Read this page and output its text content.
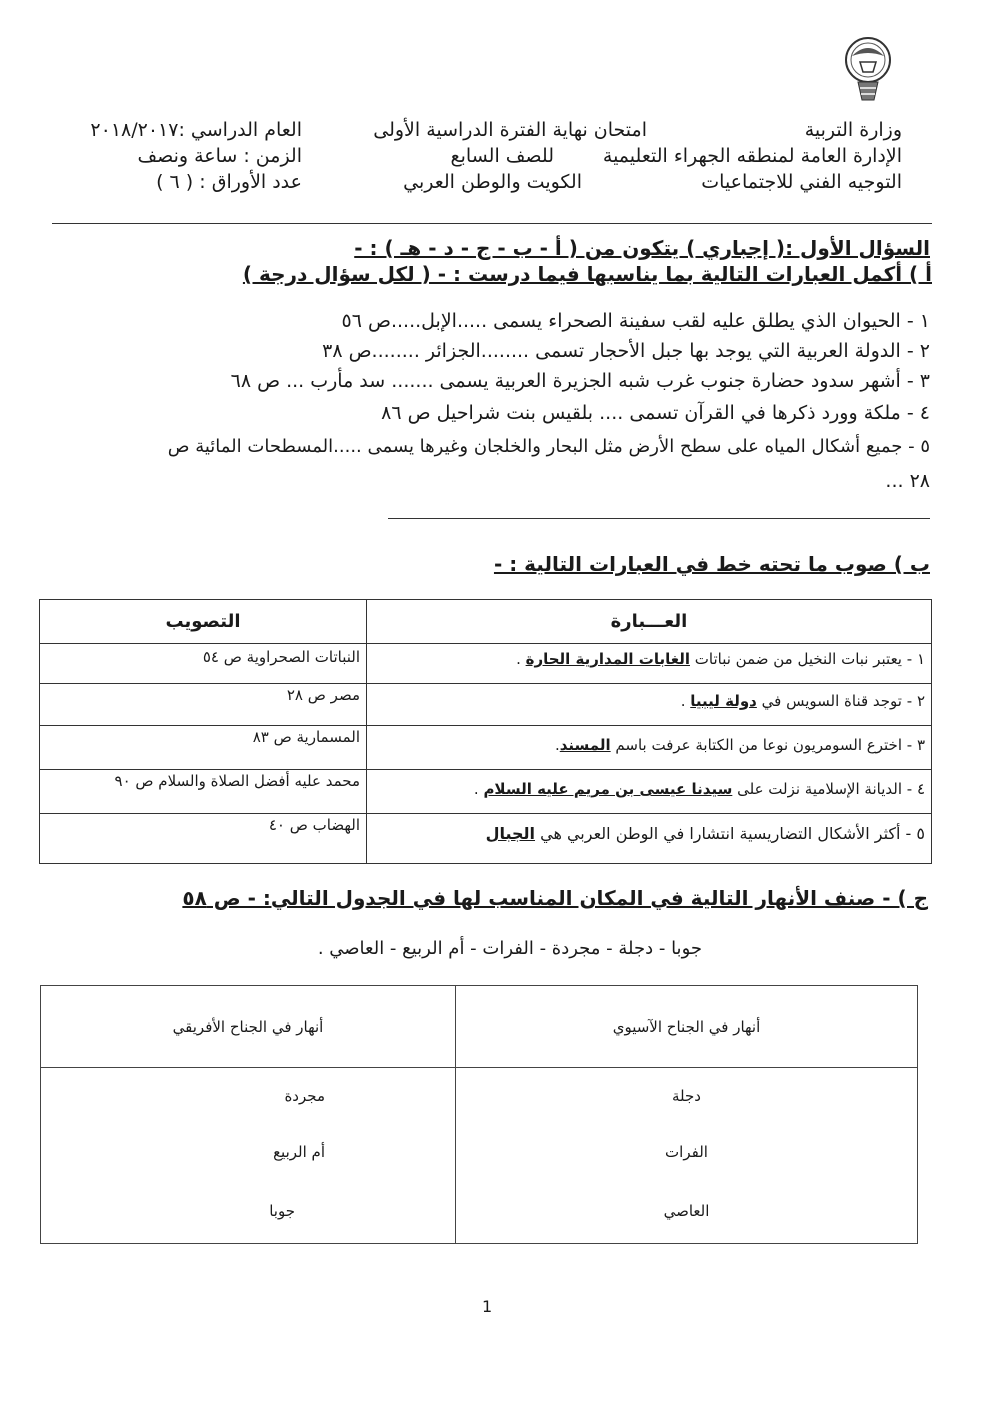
وزارة التربية
الإدارة العامة لمنطقه الجهراء التعليمية
التوجيه الفني للاجتماعيات
امتحان نهاية الفترة الدراسية الأولى
للصف السابع
الكويت والوطن العربي
العام الدراسي :٢٠١٨/٢٠١٧
الزمن : ساعة ونصف
عدد الأوراق : ( ٦ )
السؤال الأول :( إجباري ) يتكون من ( أ - ب - ج - د - هـ ) : -
أ ) أكمل العبارات التالية بما يناسبها فيما درست : - ( لكل سؤال درجة )
١ - الحيوان الذي يطلق عليه لقب سفينة الصحراء يسمى .....الإبل.....ص ٥٦
٢ - الدولة العربية التي يوجد بها جبل الأحجار تسمى ........الجزائر ........ص ٣٨
٣ - أشهر سدود حضارة جنوب غرب شبه الجزيرة العربية يسمى ....... سد مأرب ... ص ٦٨
٤ - ملكة وورد ذكرها في القرآن تسمى .... بلقيس بنت شراحيل ص ٨٦
٥ - جميع أشكال المياه على سطح الأرض مثل البحار والخلجان وغيرها يسمى .....المسطحات المائية ص
٢٨ ...
ب ) صوب ما تحته خط في العبارات التالية : -
العـــبارة	التصويب
١ - يعتبر نبات النخيل من ضمن نباتات الغابات المدارية الحارة .	النباتات الصحراوية ص ٥٤
٢ - توجد قناة السويس في دولة ليبيا .	مصر ص ٢٨
٣ - اخترع السومريون نوعا من الكتابة عرفت باسم المسند.	المسمارية ص ٨٣
٤ - الديانة الإسلامية نزلت على سيدنا عيسى بن مريم عليه السلام .	محمد عليه أفضل الصلاة والسلام ص ٩٠
٥ - أكثر الأشكال التضاريسية انتشارا في الوطن العربي هي الجبال	الهضاب ص ٤٠
ج ) - صنف الأنهار التالية في المكان المناسب لها في الجدول التالي: - ص ٥٨
جوبا - دجلة - مجردة - الفرات - أم الربيع - العاصي .
أنهار في الجناح الآسيوي	أنهار في الجناح الأفريقي
دجلة	مجردة
الفرات	أم الربيع
العاصي	جوبا
1
